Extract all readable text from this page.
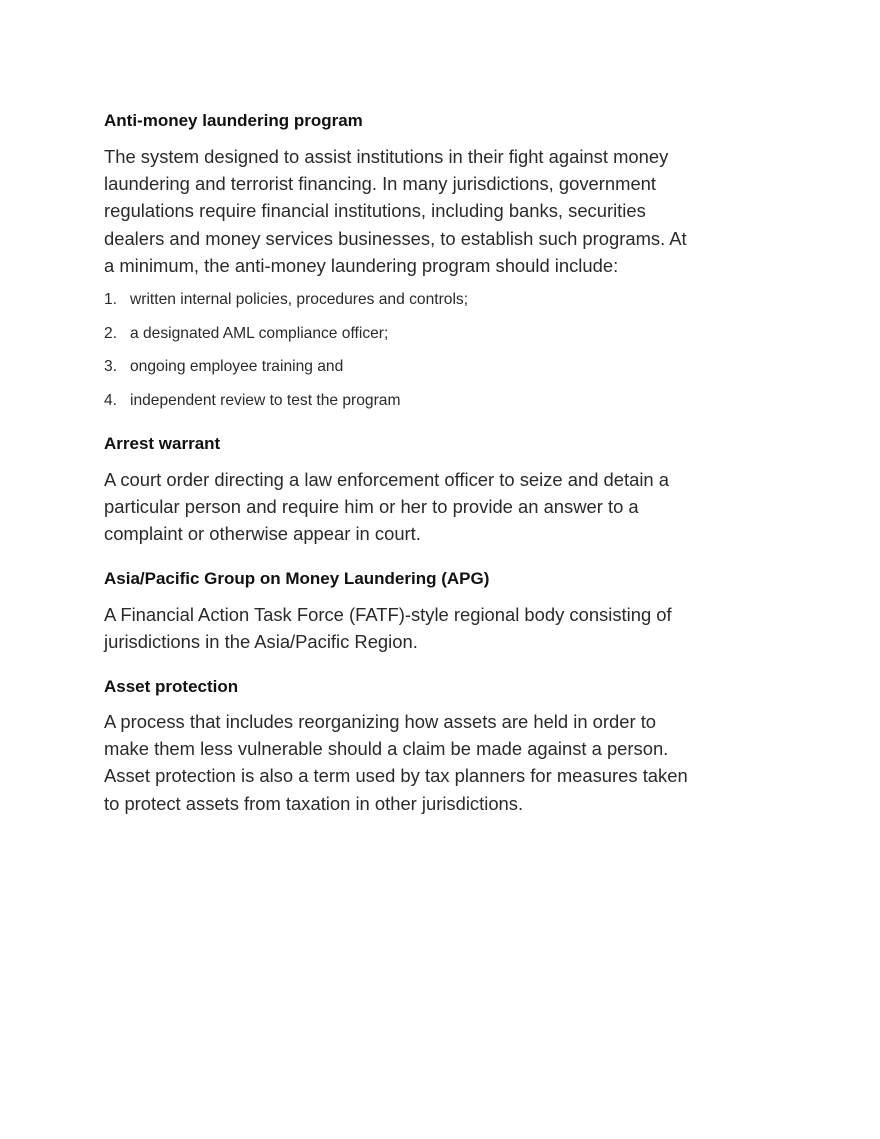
Anti-money laundering program
The system designed to assist institutions in their fight against money
laundering and terrorist financing. In many jurisdictions, government
regulations require financial institutions, including banks, securities
dealers and money services businesses, to establish such programs. At
a minimum, the anti-money laundering program should include:
1. written internal policies, procedures and controls;
2. a designated AML compliance officer;
3. ongoing employee training and
4. independent review to test the program
Arrest warrant
A court order directing a law enforcement officer to seize and detain a
particular person and require him or her to provide an answer to a
complaint or otherwise appear in court.
Asia/Pacific Group on Money Laundering (APG)
A Financial Action Task Force (FATF)-style regional body consisting of
jurisdictions in the Asia/Pacific Region.
Asset protection
A process that includes reorganizing how assets are held in order to
make them less vulnerable should a claim be made against a person.
Asset protection is also a term used by tax planners for measures taken
to protect assets from taxation in other jurisdictions.
